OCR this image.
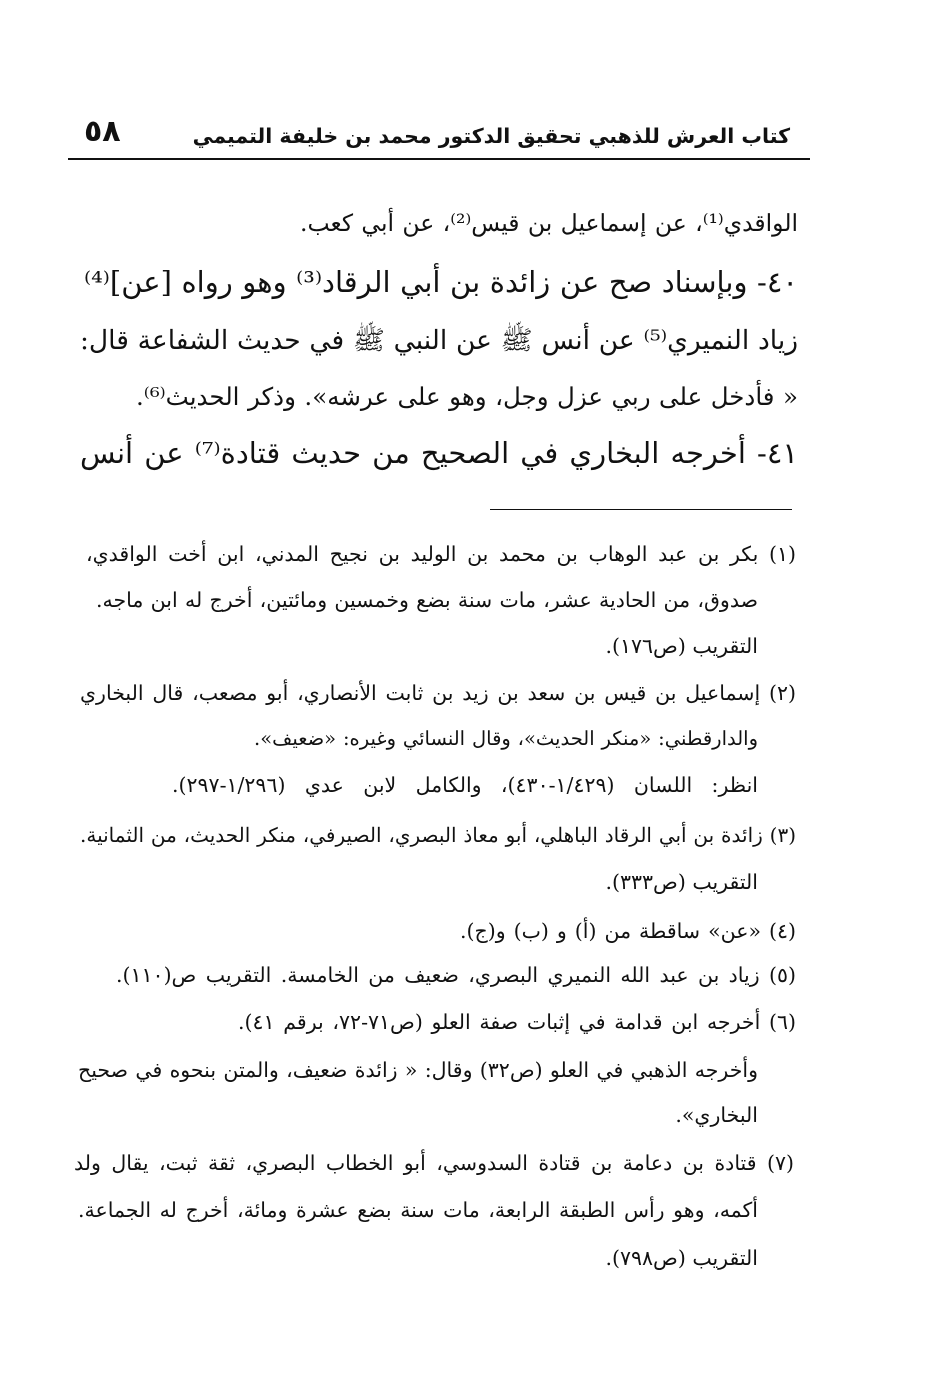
كتاب العرش للذهبي تحقيق الدكتور محمد بن خليفة التميمي
٥٨
الواقدي⁽¹⁾، عن إسماعيل بن قيس⁽²⁾، عن أبي كعب.
٤٠- وبإسناد صح عن زائدة بن أبي الرقاد⁽³⁾ وهو رواه [عن]⁽⁴⁾
زياد النميري⁽⁵⁾ عن أنس ﷺ عن النبي ﷺ في حديث الشفاعة قال:
« فأدخل على ربي عزل وجل، وهو على عرشه». وذكر الحديث⁽⁶⁾.
٤١- أخرجه البخاري في الصحيح من حديث قتادة⁽⁷⁾ عن أنس
(١) بكر بن عبد الوهاب بن محمد بن الوليد بن نجيح المدني، ابن أخت الواقدي،
صدوق، من الحادية عشر، مات سنة بضع وخمسين ومائتين، أخرج له ابن ماجه.
التقريب (ص١٧٦).
(٢) إسماعيل بن قيس بن سعد بن زيد بن ثابت الأنصاري، أبو مصعب، قال البخاري
والدارقطني: «منكر الحديث»، وقال النسائي وغيره: «ضعيف».
انظر: اللسان (١/٤٢٩-٤٣٠)، والكامل لابن عدي (١/٢٩٦-٢٩٧).
(٣) زائدة بن أبي الرقاد الباهلي، أبو معاذ البصري، الصيرفي، منكر الحديث، من الثمانية.
التقريب (ص٣٣٣).
(٤) «عن» ساقطة من (أ) و (ب) و(ج).
(٥) زياد بن عبد الله النميري البصري، ضعيف من الخامسة. التقريب ص(١١٠).
(٦) أخرجه ابن قدامة في إثبات صفة العلو (ص٧١-٧٢، برقم ٤١).
وأخرجه الذهبي في العلو (ص٣٢) وقال: « زائدة ضعيف، والمتن بنحوه في صحيح
البخاري».
(٧) قتادة بن دعامة بن قتادة السدوسي، أبو الخطاب البصري، ثقة ثبت، يقال ولد
أكمه، وهو رأس الطبقة الرابعة، مات سنة بضع عشرة ومائة، أخرج له الجماعة.
التقريب (ص٧٩٨).
